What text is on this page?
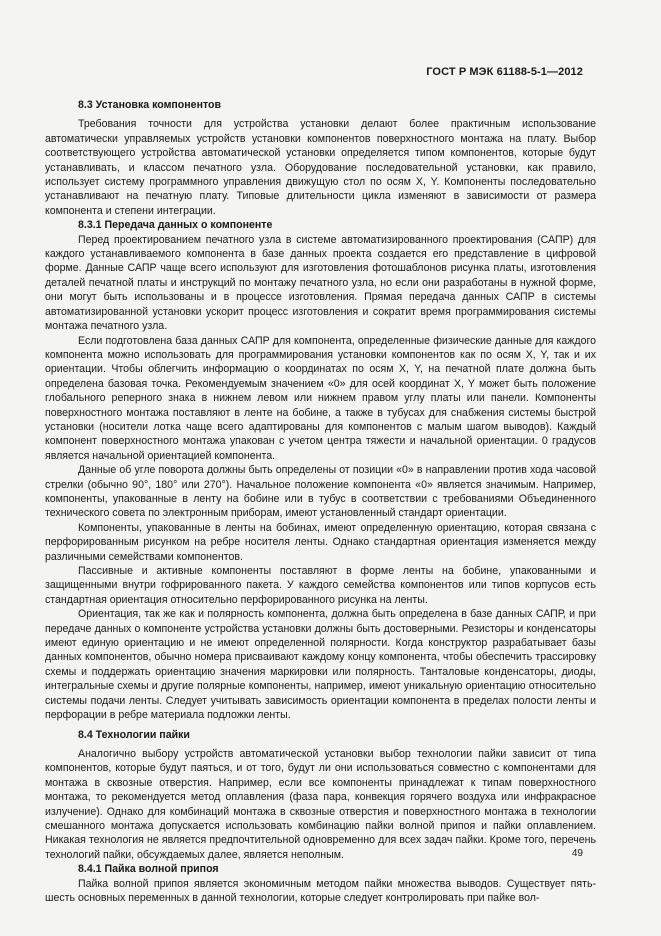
ГОСТ Р МЭК 61188-5-1—2012
8.3 Установка компонентов

Требования точности для устройства установки делают более практичным использование автоматически управляемых устройств установки компонентов поверхностного монтажа на плату. Выбор соответствующего устройства автоматической установки определяется типом компонентов, которые будут устанавливать, и классом печатного узла. Оборудование последовательной установки, как правило, использует систему программного управления движущую стол по осям X, Y. Компоненты последовательно устанавливают на печатную плату. Типовые длительности цикла изменяют в зависимости от размера компонента и степени интеграции.

8.3.1 Передача данных о компоненте

Перед проектированием печатного узла в системе автоматизированного проектирования (САПР) для каждого устанавливаемого компонента в базе данных проекта создается его представление в цифровой форме. Данные САПР чаще всего используют для изготовления фотошаблонов рисунка платы, изготовления деталей печатной платы и инструкций по монтажу печатного узла, но если они разработаны в нужной форме, они могут быть использованы и в процессе изготовления. Прямая передача данных САПР в системы автоматизированной установки ускорит процесс изготовления и сократит время программирования системы монтажа печатного узла.

Если подготовлена база данных САПР для компонента, определенные физические данные для каждого компонента можно использовать для программирования установки компонентов как по осям X, Y, так и их ориентации. Чтобы облегчить информацию о координатах по осям X, Y, на печатной плате должна быть определена базовая точка. Рекомендуемым значением «0» для осей координат X, Y может быть положение глобального реперного знака в нижнем левом или нижнем правом углу платы или панели. Компоненты поверхностного монтажа поставляют в ленте на бобине, а также в тубусах для снабжения системы быстрой установки (носители лотка чаще всего адаптированы для компонентов с малым шагом выводов). Каждый компонент поверхностного монтажа упакован с учетом центра тяжести и начальной ориентации. 0 градусов является начальной ориентацией компонента.

Данные об угле поворота должны быть определены от позиции «0» в направлении против хода часовой стрелки (обычно 90°, 180° или 270°). Начальное положение компонента «0» является значимым. Например, компоненты, упакованные в ленту на бобине или в тубус в соответствии с требованиями Объединенного технического совета по электронным приборам, имеют установленный стандарт ориентации.

Компоненты, упакованные в ленты на бобинах, имеют определенную ориентацию, которая связана с перфорированным рисунком на ребре носителя ленты. Однако стандартная ориентация изменяется между различными семействами компонентов.

Пассивные и активные компоненты поставляют в форме ленты на бобине, упакованными и защищенными внутри гофрированного пакета. У каждого семейства компонентов или типов корпусов есть стандартная ориентация относительно перфорированного рисунка на ленты.

Ориентация, так же как и полярность компонента, должна быть определена в базе данных САПР, и при передаче данных о компоненте устройства установки должны быть достоверными. Резисторы и конденсаторы имеют единую ориентацию и не имеют определенной полярности. Когда конструктор разрабатывает базы данных компонентов, обычно номера присваивают каждому концу компонента, чтобы обеспечить трассировку схемы и поддержать ориентацию значения маркировки или полярность. Танталовые конденсаторы, диоды, интегральные схемы и другие полярные компоненты, например, имеют уникальную ориентацию относительно системы подачи ленты. Следует учитывать зависимость ориентации компонента в пределах полости ленты и перфорации в ребре материала подложки ленты.

8.4 Технологии пайки

Аналогично выбору устройств автоматической установки выбор технологии пайки зависит от типа компонентов, которые будут паяться, и от того, будут ли они использоваться совместно с компонентами для монтажа в сквозные отверстия. Например, если все компоненты принадлежат к типам поверхностного монтажа, то рекомендуется метод оплавления (фаза пара, конвекция горячего воздуха или инфракрасное излучение). Однако для комбинаций монтажа в сквозные отверстия и поверхностного монтажа в технологии смешанного монтажа допускается использовать комбинацию пайки волной припоя и пайки оплавлением. Никакая технология не является предпочтительной одновременно для всех задач пайки. Кроме того, перечень технологий пайки, обсуждаемых далее, является неполным.

8.4.1 Пайка волной припоя

Пайка волной припоя является экономичным методом пайки множества выводов. Существует пять-шесть основных переменных в данной технологии, которые следует контролировать при пайке вол-

49
